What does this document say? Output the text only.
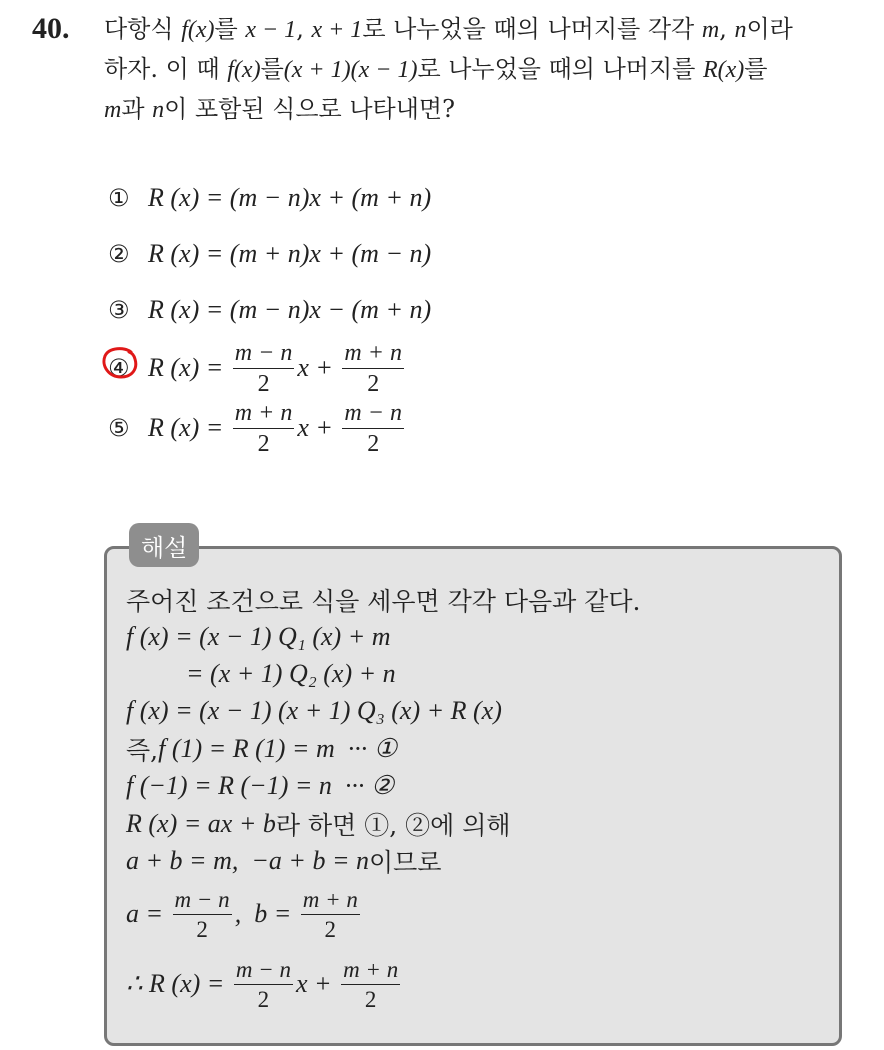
40. 다항식 f(x)를 x − 1, x + 1로 나누었을 때의 나머지를 각각 m, n이라
하자. 이 때 f(x)를(x + 1)(x − 1)로 나누었을 때의 나머지를 R(x)를
m과 n이 포함된 식으로 나타내면?
① R (x) = (m − n)x + (m + n)
② R (x) = (m + n)x + (m − n)
③ R (x) = (m − n)x − (m + n)
④ R $(x) = \frac{m - n}{2}$ $x + \frac{m + n}{2}$
⑤ R $(x) = \frac{m + n}{2}$ $x + \frac{m - n}{2}$
해설
주어진 조건으로 식을 세우면 각각 다음과 같다.
f (x) = (x − 1) Q₁ (x) + m
= (x + 1) Q₂ (x) + n
f (x) = (x − 1) (x + 1) Q₃ (x) + R (x)
즉, f (1) = R (1) = m  ··· ①
f (−1) = R (−1) = n  ··· ②
R (x) = ax + b 라 하면 ①, ②에 의해
a + b = m,  −a + b = n 이므로
$a = \frac{m - n}{2}$ ,  $b = \frac{m + n}{2}$
∴ R $(x) = \frac{m - n}{2}$ $x + \frac{m + n}{2}$
